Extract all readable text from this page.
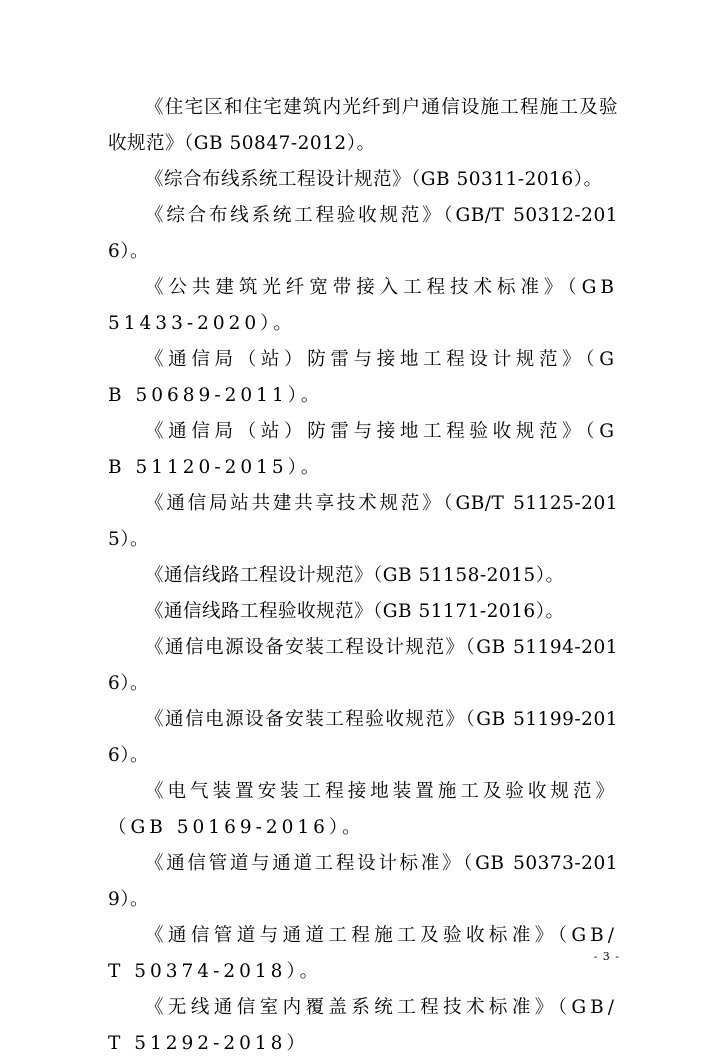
《住宅区和住宅建筑内光纤到户通信设施工程施工及验收规范》（GB 50847-2012）。

《综合布线系统工程设计规范》（GB 50311-2016）。

《综合布线系统工程验收规范》（GB/T 50312-2016）。

《公共建筑光纤宽带接入工程技术标准》（GB 51433-2020）。

《通信局（站）防雷与接地工程设计规范》（GB 50689-2011）。

《通信局（站）防雷与接地工程验收规范》（GB 51120-2015）。

《通信局站共建共享技术规范》（GB/T 51125-2015）。

《通信线路工程设计规范》（GB 51158-2015）。

《通信线路工程验收规范》（GB 51171-2016）。

《通信电源设备安装工程设计规范》（GB 51194-2016）。

《通信电源设备安装工程验收规范》（GB 51199-2016）。

《电气装置安装工程接地装置施工及验收规范》（GB 50169-2016）。

《通信管道与通道工程设计标准》（GB 50373-2019）。

《通信管道与通道工程施工及验收标准》（GB/T 50374-2018）。

《无线通信室内覆盖系统工程技术标准》（GB/T 51292-2018）

- 3 -
